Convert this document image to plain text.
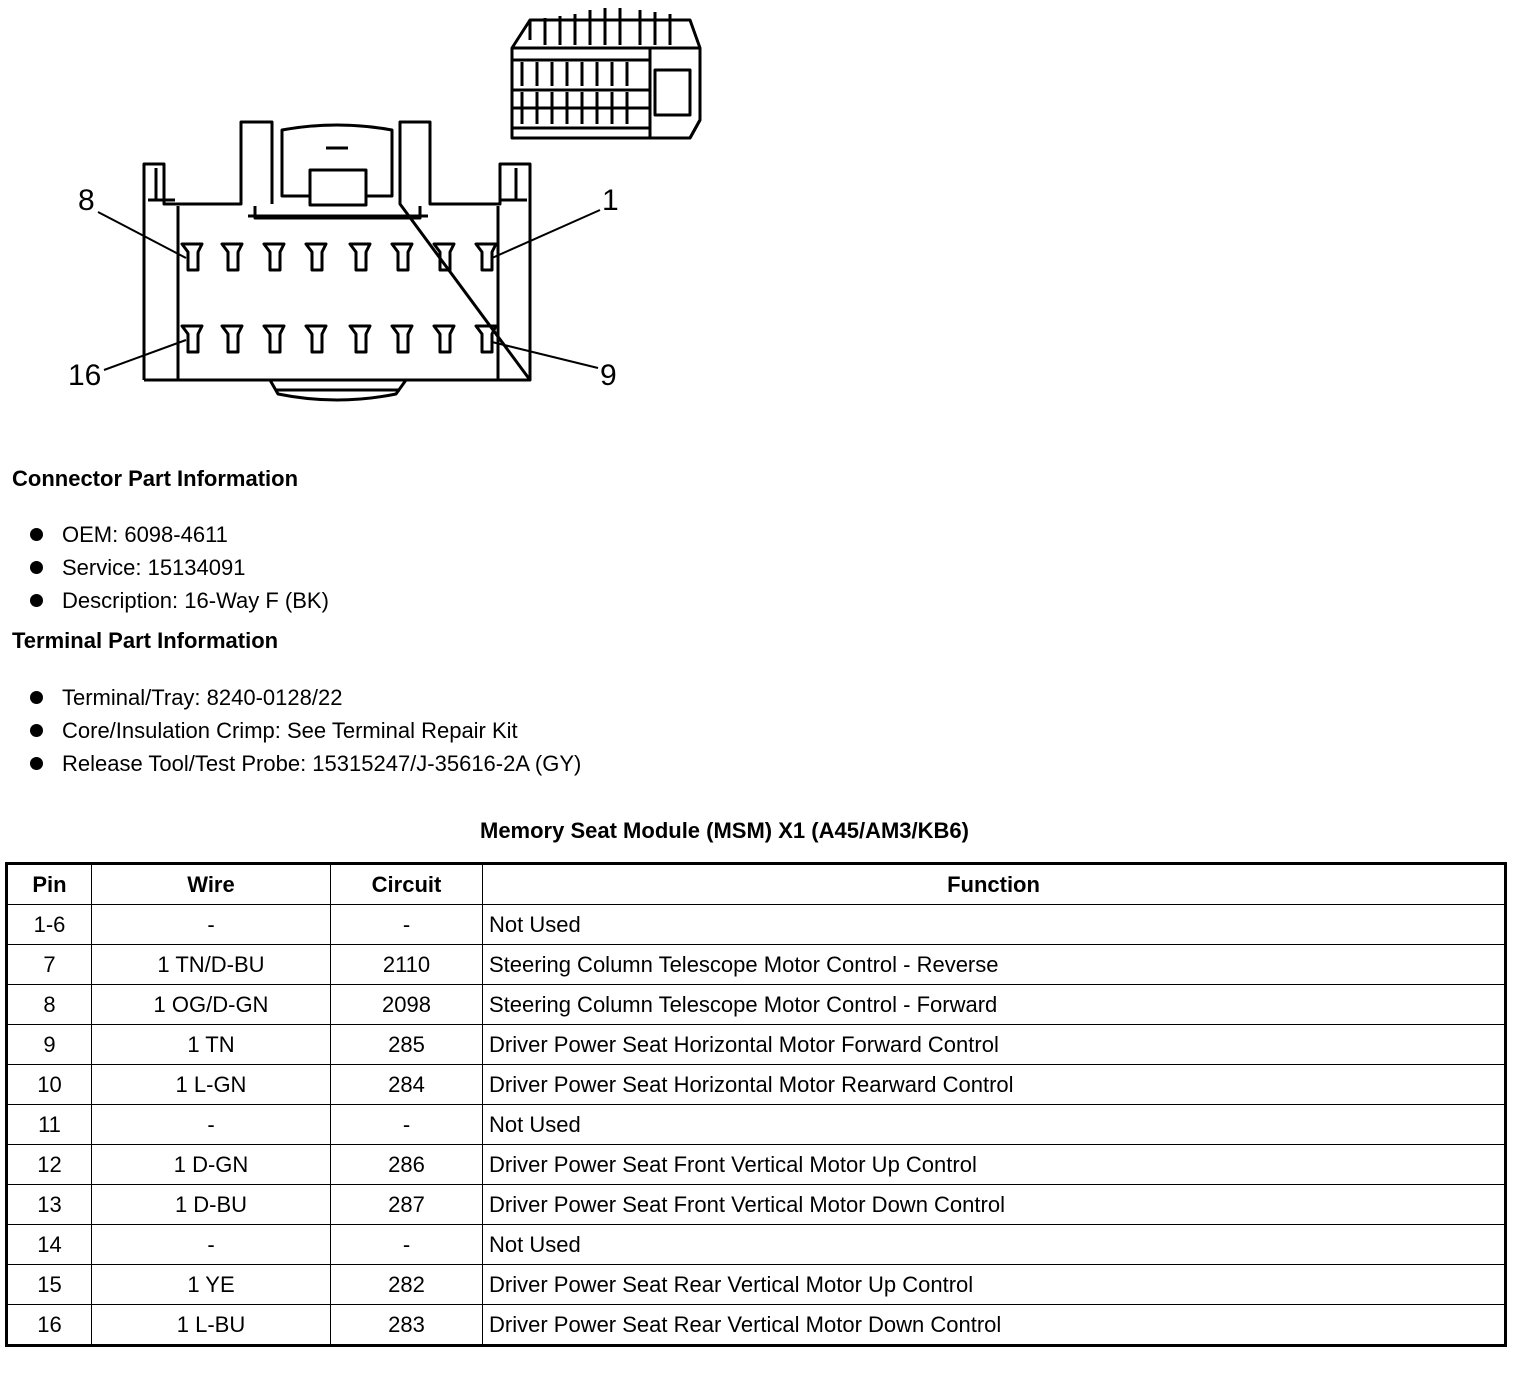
8	1
16	9
Connector Part Information
OEM: 6098-4611
Service: 15134091
Description: 16-Way F (BK)
Terminal Part Information
Terminal/Tray: 8240-0128/22
Core/Insulation Crimp: See Terminal Repair Kit
Release Tool/Test Probe: 15315247/J-35616-2A (GY)
Memory Seat Module (MSM) X1 (A45/AM3/KB6)
Pin	Wire	Circuit	Function
1-6	-	-	Not Used
7	1 TN/D-BU	2110	Steering Column Telescope Motor Control - Reverse
8	1 OG/D-GN	2098	Steering Column Telescope Motor Control - Forward
9	1 TN	285	Driver Power Seat Horizontal Motor Forward Control
10	1 L-GN	284	Driver Power Seat Horizontal Motor Rearward Control
11	-	-	Not Used
12	1 D-GN	286	Driver Power Seat Front Vertical Motor Up Control
13	1 D-BU	287	Driver Power Seat Front Vertical Motor Down Control
14	-	-	Not Used
15	1 YE	282	Driver Power Seat Rear Vertical Motor Up Control
16	1 L-BU	283	Driver Power Seat Rear Vertical Motor Down Control
